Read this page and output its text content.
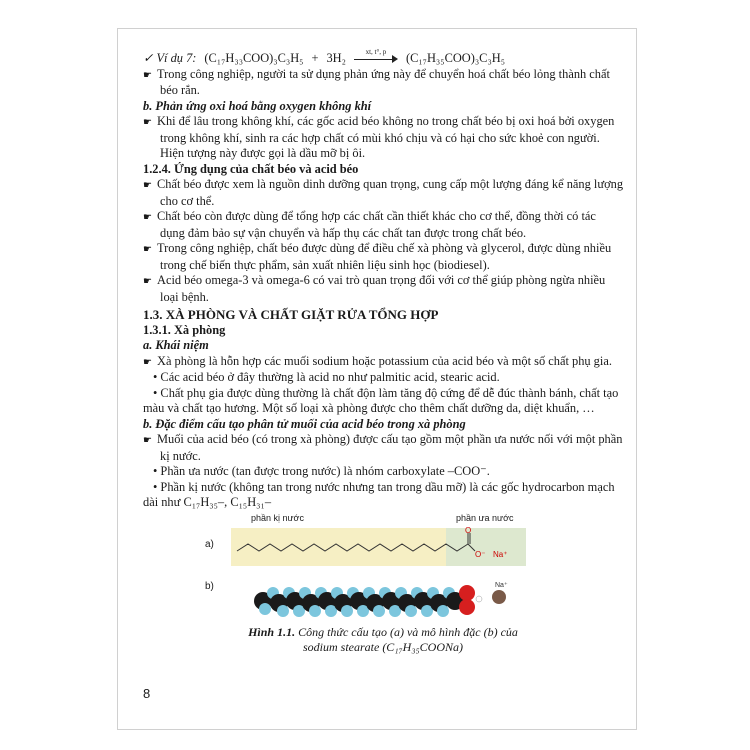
✓ Ví dụ 7: (C₁₇H₃₃COO)₃C₃H₅ + 3H₂	xt, t°, p	(C₁₇H₃₅COO)₃C₃H₅

☛ Trong công nghiệp, người ta sử dụng phản ứng này để chuyển hoá chất béo lỏng thành chất béo rắn.

b. Phản ứng oxi hoá bằng oxygen không khí

☛ Khi để lâu trong không khí, các gốc acid béo không no trong chất béo bị oxi hoá bởi oxygen trong không khí, sinh ra các hợp chất có mùi khó chịu và có hại cho sức khoẻ con người. Hiện tượng này được gọi là dầu mỡ bị ôi.

1.2.4. Ứng dụng của chất béo và acid béo

☛ Chất béo được xem là nguồn dinh dưỡng quan trọng, cung cấp một lượng đáng kể năng lượng cho cơ thể.

☛ Chất béo còn được dùng để tổng hợp các chất cần thiết khác cho cơ thể, đồng thời có tác dụng đảm bảo sự vận chuyển và hấp thụ các chất tan được trong chất béo.

☛ Trong công nghiệp, chất béo được dùng để điều chế xà phòng và glycerol, được dùng nhiều trong chế biến thực phẩm, sản xuất nhiên liệu sinh học (biodiesel).

☛ Acid béo omega-3 và omega-6 có vai trò quan trọng đối với cơ thể giúp phòng ngừa nhiều loại bệnh.

1.3. XÀ PHÒNG VÀ CHẤT GIẶT RỬA TỔNG HỢP

1.3.1. Xà phòng

a. Khái niệm

☛ Xà phòng là hỗn hợp các muối sodium hoặc potassium của acid béo và một số chất phụ gia.

• Các acid béo ở đây thường là acid no như palmitic acid, stearic acid.

• Chất phụ gia được dùng thường là chất độn làm tăng độ cứng để dễ đúc thành bánh, chất tạo màu và chất tạo hương. Một số loại xà phòng được cho thêm chất dưỡng da, diệt khuẩn, …

b. Đặc điểm cấu tạo phân tử muối của acid béo trong xà phòng

☛ Muối của acid béo (có trong xà phòng) được cấu tạo gồm một phần ưa nước nối với một phần kị nước.

• Phần ưa nước (tan được trong nước) là nhóm carboxylate –COO⁻.

• Phần kị nước (không tan trong nước nhưng tan trong dầu mỡ) là các gốc hydrocarbon mạch dài như C₁₇H₃₅–, C₁₅H₃₁–

phần kị nước	phần ưa nước
a)
b)
O
O⁻ Na⁺
Na⁺
Hình 1.1. Công thức cấu tạo (a) và mô hình đặc (b) của
sodium stearate (C₁₇H₃₅COONa)
8
